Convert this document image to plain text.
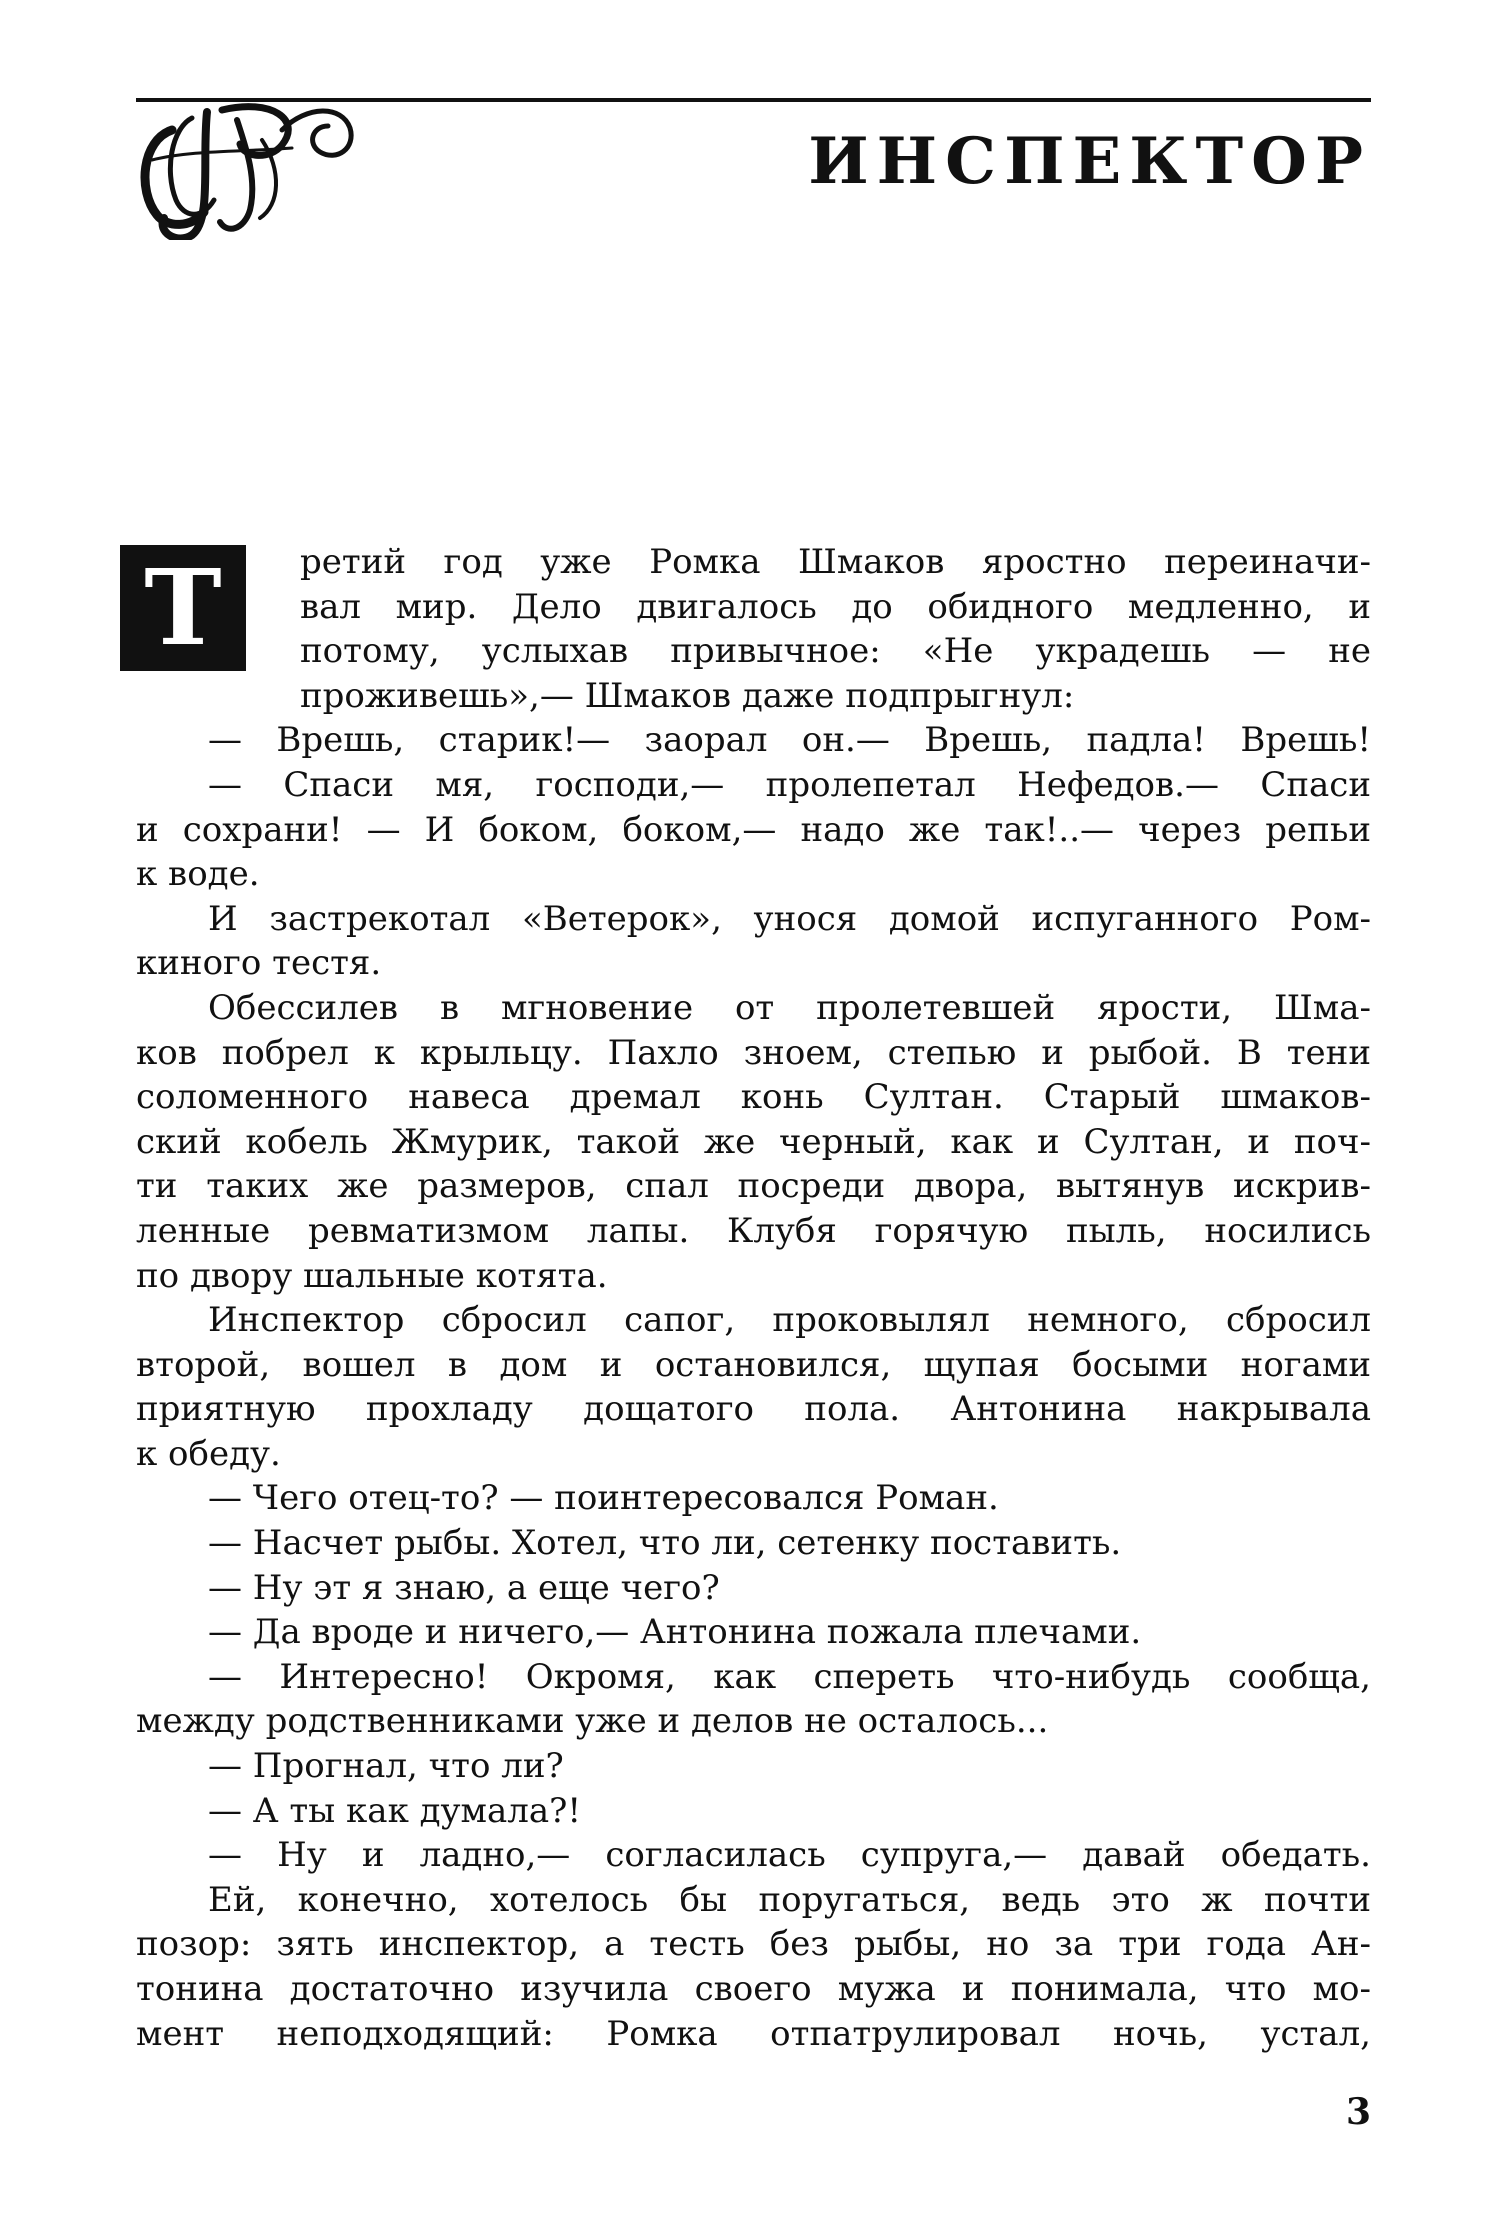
ИНСПЕКТОР
Т	ретий год уже Ромка Шмаков яростно переиначи-
вал мир. Дело двигалось до обидного медленно, и
потому, услыхав привычное: «Не украдешь — не
проживешь»,— Шмаков даже подпрыгнул:
— Врешь, старик!— заорал он.— Врешь, падла! Врешь!
— Спаси мя, господи,— пролепетал Нефедов.— Спаси
и сохрани! — И боком, боком,— надо же так!..— через репьи
к воде.
И застрекотал «Ветерок», унося домой испуганного Ром-
киного тестя.
Обессилев в мгновение от пролетевшей ярости, Шма-
ков побрел к крыльцу. Пахло зноем, степью и рыбой. В тени
соломенного навеса дремал конь Султан. Старый шмаков-
ский кобель Жмурик, такой же черный, как и Султан, и поч-
ти таких же размеров, спал посреди двора, вытянув искрив-
ленные ревматизмом лапы. Клубя горячую пыль, носились
по двору шальные котята.
Инспектор сбросил сапог, проковылял немного, сбросил
второй, вошел в дом и остановился, щупая босыми ногами
приятную прохладу дощатого пола. Антонина накрывала
к обеду.
— Чего отец-то? — поинтересовался Роман.
— Насчет рыбы. Хотел, что ли, сетенку поставить.
— Ну эт я знаю, а еще чего?
— Да вроде и ничего,— Антонина пожала плечами.
— Интересно! Окромя, как спереть что-нибудь сообща,
между родственниками уже и делов не осталось...
— Прогнал, что ли?
— А ты как думала?!
— Ну и ладно,— согласилась супруга,— давай обедать.
Ей, конечно, хотелось бы поругаться, ведь это ж почти
позор: зять инспектор, а тесть без рыбы, но за три года Ан-
тонина достаточно изучила своего мужа и понимала, что мо-
мент неподходящий: Ромка отпатрулировал ночь, устал,
3
